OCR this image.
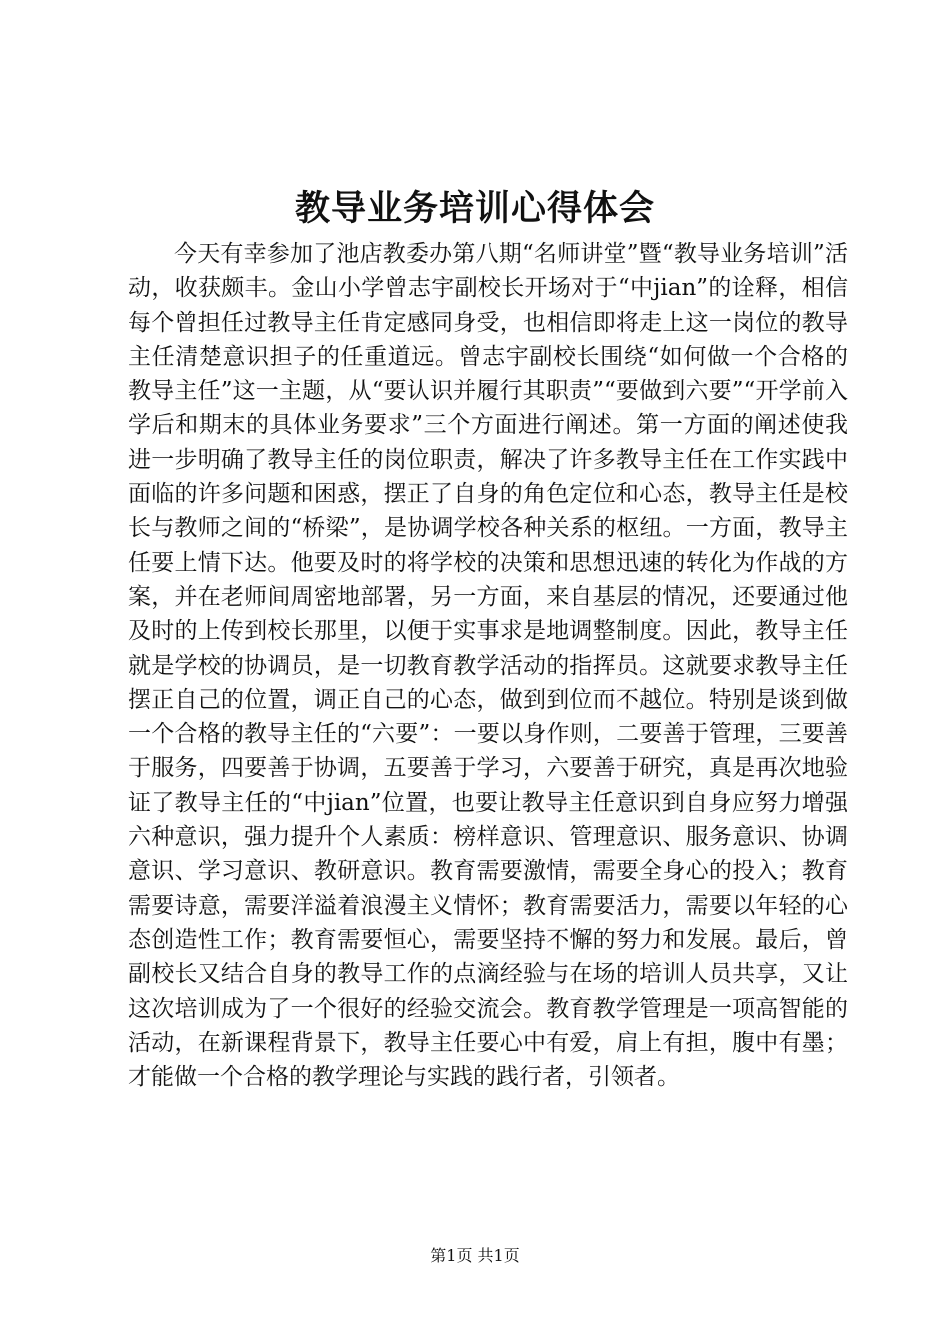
教导业务培训心得体会

今天有幸参加了池店教委办第八期“名师讲堂”暨“教导业务培训”活动，收获颇丰。金山小学曾志宇副校长开场对于“中jian”的诠释，相信每个曾担任过教导主任肯定感同身受，也相信即将走上这一岗位的教导主任清楚意识担子的任重道远。曾志宇副校长围绕“如何做一个合格的教导主任”这一主题，从“要认识并履行其职责”“要做到六要”“开学前入学后和期末的具体业务要求”三个方面进行阐述。第一方面的阐述使我进一步明确了教导主任的岗位职责，解决了许多教导主任在工作实践中面临的许多问题和困惑，摆正了自身的角色定位和心态，教导主任是校长与教师之间的“桥梁”，是协调学校各种关系的枢纽。一方面，教导主任要上情下达。他要及时的将学校的决策和思想迅速的转化为作战的方案，并在老师间周密地部署，另一方面，来自基层的情况，还要通过他及时的上传到校长那里，以便于实事求是地调整制度。因此，教导主任就是学校的协调员，是一切教育教学活动的指挥员。这就要求教导主任摆正自己的位置，调正自己的心态，做到到位而不越位。特别是谈到做一个合格的教导主任的“六要”：一要以身作则，二要善于管理，三要善于服务，四要善于协调，五要善于学习，六要善于研究，真是再次地验证了教导主任的“中jian”位置，也要让教导主任意识到自身应努力增强六种意识，强力提升个人素质：榜样意识、管理意识、服务意识、协调意识、学习意识、教研意识。教育需要激情，需要全身心的投入；教育需要诗意，需要洋溢着浪漫主义情怀；教育需要活力，需要以年轻的心态创造性工作；教育需要恒心，需要坚持不懈的努力和发展。最后，曾副校长又结合自身的教导工作的点滴经验与在场的培训人员共享，又让这次培训成为了一个很好的经验交流会。教育教学管理是一项高智能的活动，在新课程背景下，教导主任要心中有爱，肩上有担，腹中有墨；才能做一个合格的教学理论与实践的践行者，引领者。

第1页 共1页
